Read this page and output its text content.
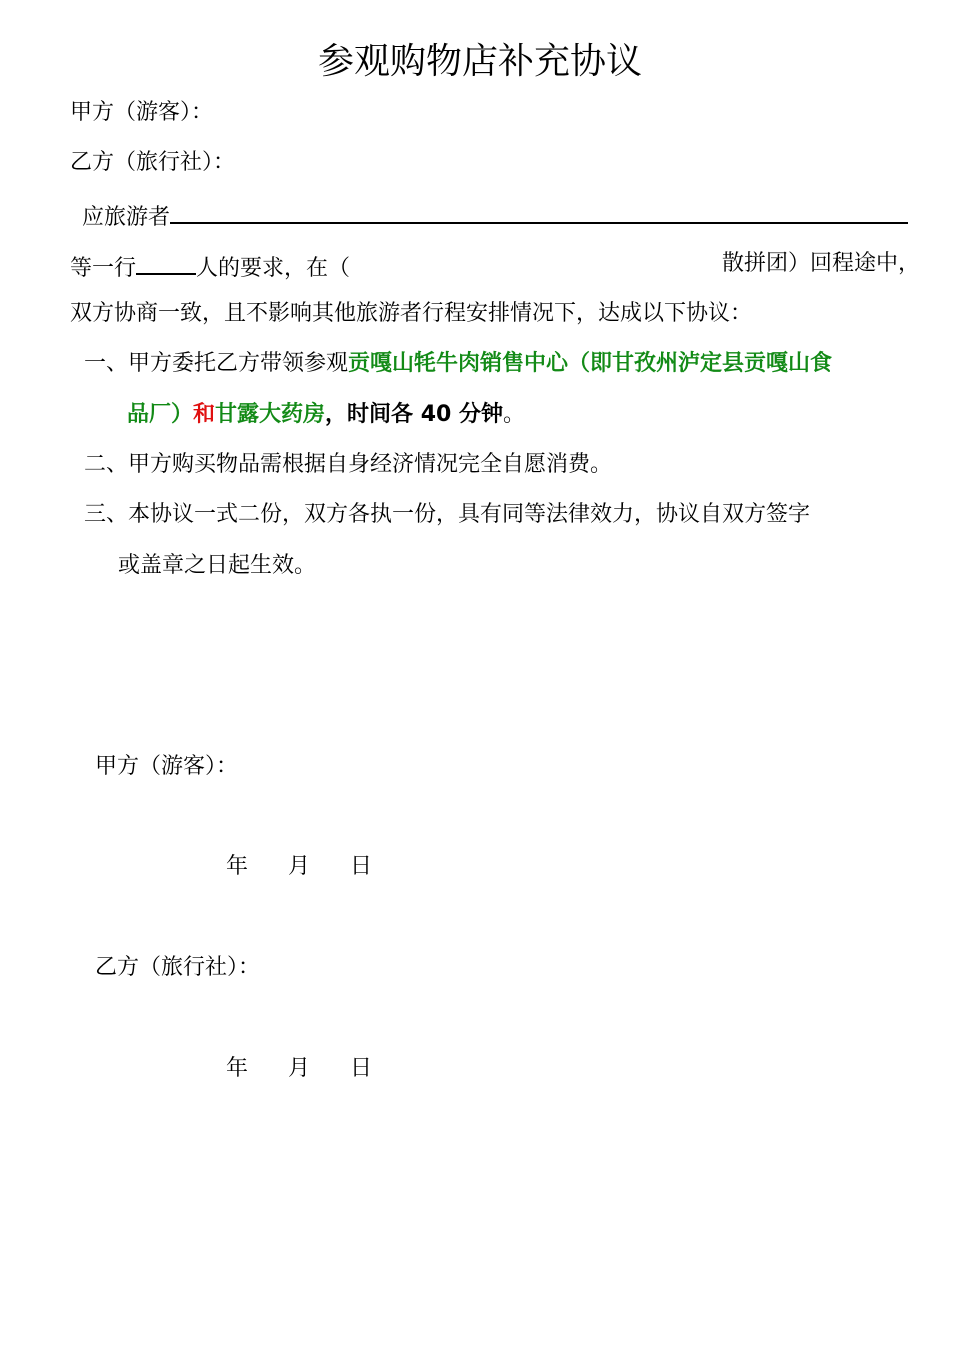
参观购物店补充协议
甲方（游客）：
乙方（旅行社）：
应旅游者
等一行	人的要求，在（	散拼团）回程途中，
双方协商一致，且不影响其他旅游者行程安排情况下，达成以下协议：
一、甲方委托乙方带领参观贡嘎山牦牛肉销售中心（即甘孜州泸定县贡嘎山食
品厂）和甘露大药房，时间各 40 分钟。
二、甲方购买物品需根据自身经济情况完全自愿消费。
三、本协议一式二份，双方各执一份，具有同等法律效力，协议自双方签字
或盖章之日起生效。
甲方（游客）：
年 月 日
乙方（旅行社）：
年 月 日
